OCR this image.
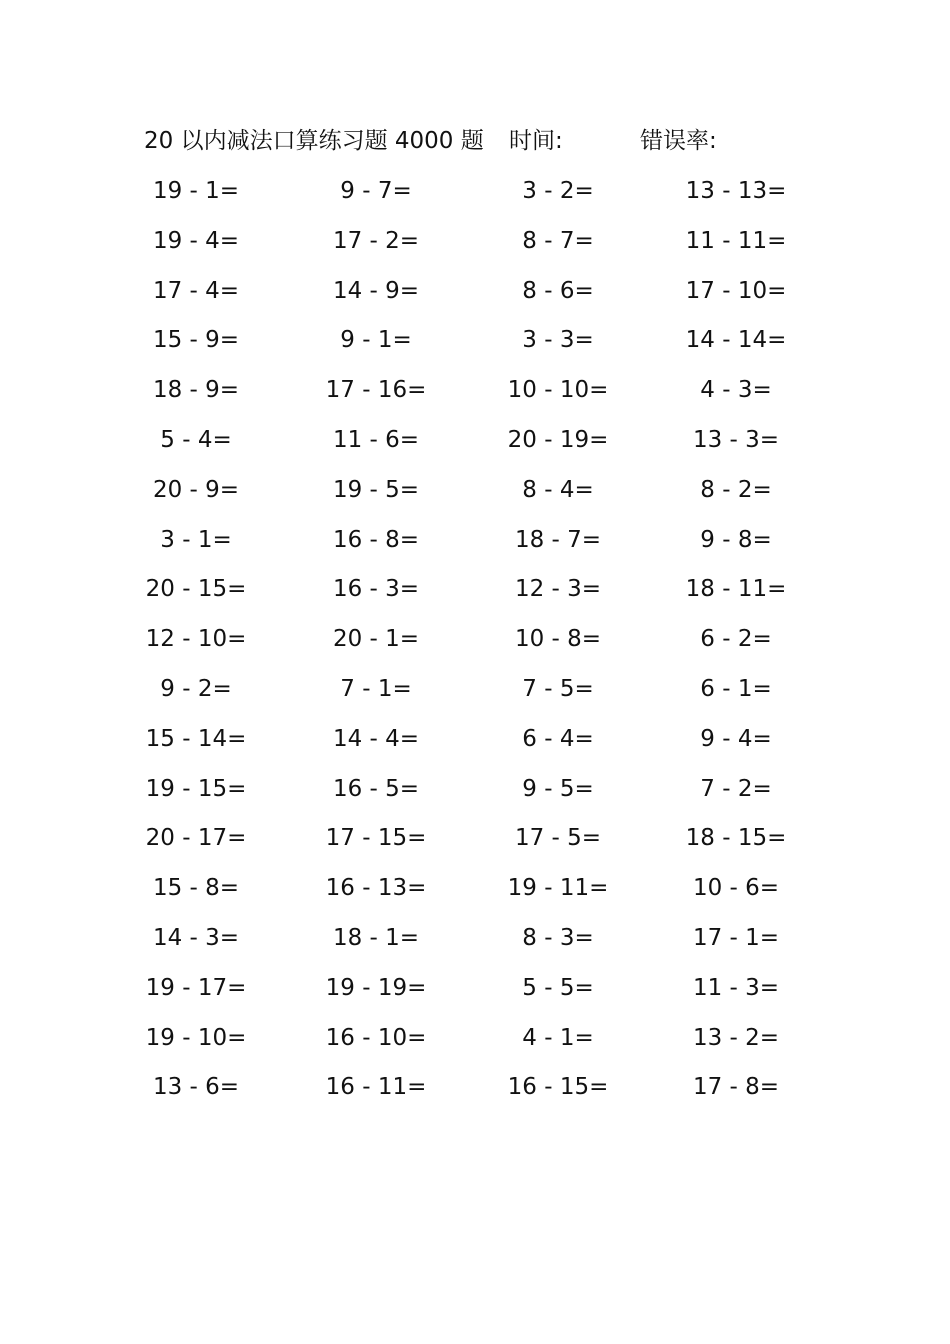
20 以内减法口算练习题 4000 题 时间:	错误率:
19 - 1=
19 - 4=
17 - 4=
15 - 9=
18 - 9=
5 - 4=
20 - 9=
3 - 1=
20 - 15=
12 - 10=
9 - 2=
15 - 14=
19 - 15=
20 - 17=
15 - 8=
14 - 3=
19 - 17=
19 - 10=
13 - 6=
9 - 7=
17 - 2=
14 - 9=
9 - 1=
17 - 16=
11 - 6=
19 - 5=
16 - 8=
16 - 3=
20 - 1=
7 - 1=
14 - 4=
16 - 5=
17 - 15=
16 - 13=
18 - 1=
19 - 19=
16 - 10=
16 - 11=
3 - 2=
8 - 7=
8 - 6=
3 - 3=
10 - 10=
20 - 19=
8 - 4=
18 - 7=
12 - 3=
10 - 8=
7 - 5=
6 - 4=
9 - 5=
17 - 5=
19 - 11=
8 - 3=
5 - 5=
4 - 1=
16 - 15=
13 - 13=
11 - 11=
17 - 10=
14 - 14=
4 - 3=
13 - 3=
8 - 2=
9 - 8=
18 - 11=
6 - 2=
6 - 1=
9 - 4=
7 - 2=
18 - 15=
10 - 6=
17 - 1=
11 - 3=
13 - 2=
17 - 8=
